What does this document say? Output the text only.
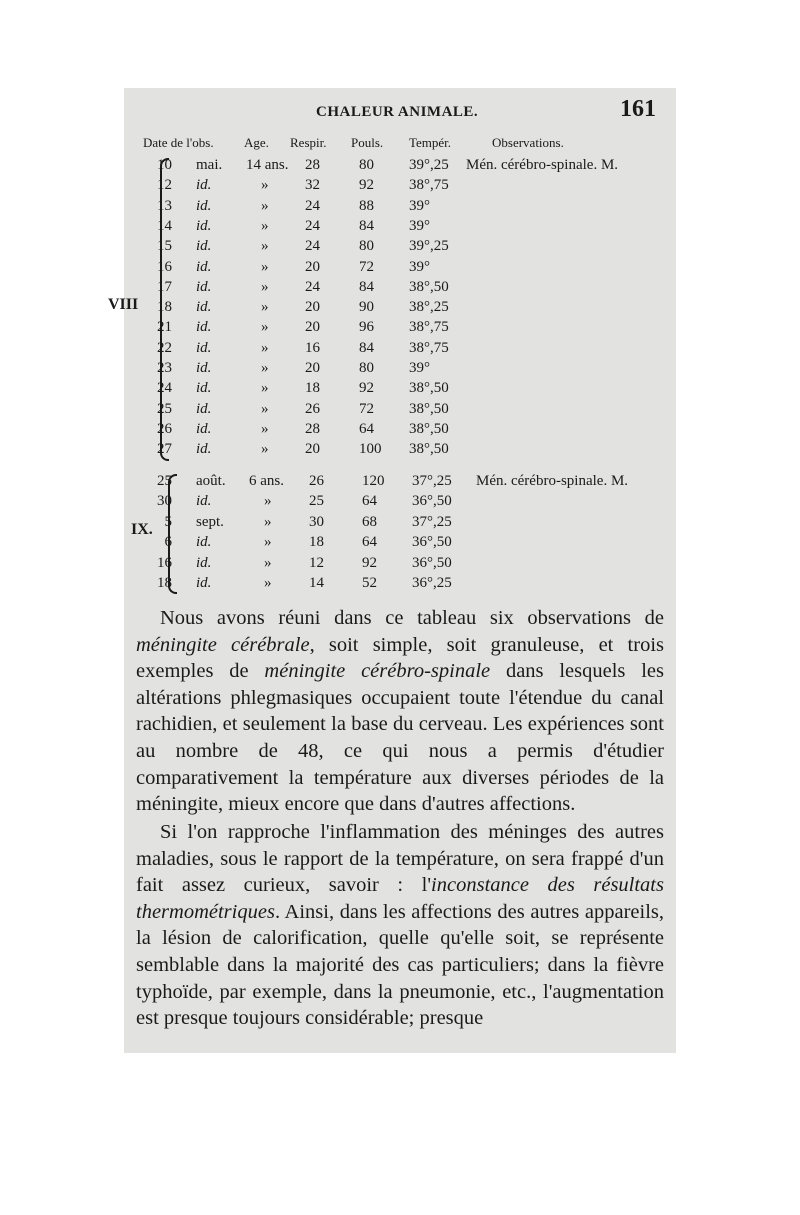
CHALEUR ANIMALE.	161
Date de l'obs. Age. Respir. Pouls. Tempér.	Observations.
VIII
10 mai. 14 ans. 28	80 39°,25 Mén. cérébro-spinale. M.
12 id.	» 32	92 38°,75
13 id.	» 24	88 39°
14 id.	» 24	84 39°
15 id.	» 24	80 39°,25
16 id.	» 20	72 39°
17 id.	» 24	84 38°,50
18 id.	» 20	90 38°,25
21 id.	» 20	96 38°,75
22 id.	» 16	84 38°,75
23 id.	» 20	80 39°
24 id.	» 18	92 38°,50
25 id.	» 26	72 38°,50
26 id.	» 28	64 38°,50
27 id.	» 20	100 38°,50
IX.
25 août. 6 ans. 26	120 37°,25 Mén. cérébro-spinale. M.
30 id.	»	25	64 36°,50
5 sept.	»	30	68 37°,25
6 id.	»	18	64 36°,50
16 id.	»	12	92 36°,50
18 id.	»	14	52 36°,25

Nous avons réuni dans ce tableau six observations de méningite cérébrale, soit simple, soit granuleuse, et trois exemples de méningite cérébro-spinale dans lesquels les altérations phlegmasiques occupaient toute l'étendue du canal rachidien, et seulement la base du cerveau. Les expériences sont au nombre de 48, ce qui nous a permis d'étudier comparativement la température aux diverses périodes de la méningite, mieux encore que dans d'autres affections.

Si l'on rapproche l'inflammation des méninges des autres maladies, sous le rapport de la température, on sera frappé d'un fait assez curieux, savoir : l'inconstance des résultats thermométriques. Ainsi, dans les affections des autres appareils, la lésion de calorification, quelle qu'elle soit, se représente semblable dans la majorité des cas particuliers; dans la fièvre typhoïde, par exemple, dans la pneumonie, etc., l'augmentation est presque toujours considérable; presque
